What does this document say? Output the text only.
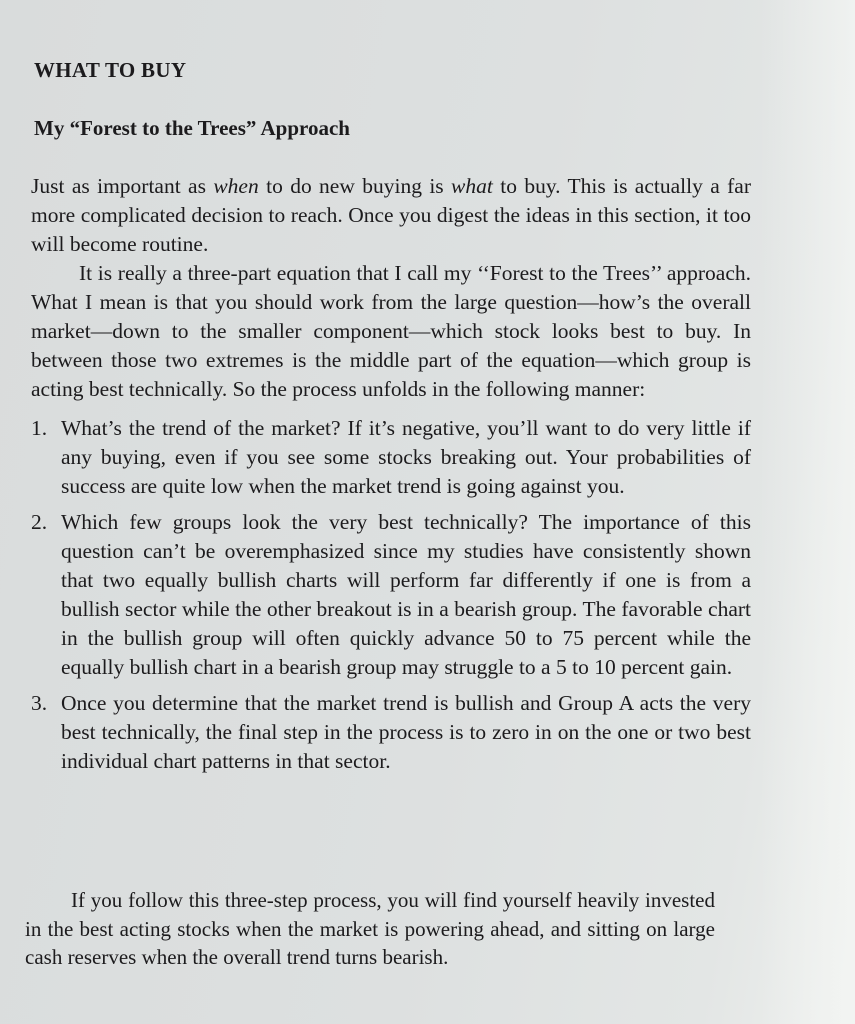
WHAT TO BUY
My “Forest to the Trees” Approach

Just as important as when to do new buying is what to buy. This is actually a far more complicated decision to reach. Once you digest the ideas in this section, it too will become routine.

It is really a three-part equation that I call my ‘‘Forest to the Trees’’ approach. What I mean is that you should work from the large question—how’s the overall market—down to the smaller component—which stock looks best to buy. In between those two extremes is the middle part of the equation—which group is acting best technically. So the process unfolds in the following manner:

1. What’s the trend of the market? If it’s negative, you’ll want to do very little if any buying, even if you see some stocks breaking out. Your probabilities of success are quite low when the market trend is going against you.
2. Which few groups look the very best technically? The importance of this question can’t be overemphasized since my studies have consistently shown that two equally bullish charts will perform far differently if one is from a bullish sector while the other breakout is in a bearish group. The favorable chart in the bullish group will often quickly advance 50 to 75 percent while the equally bullish chart in a bearish group may struggle to a 5 to 10 percent gain.
3. Once you determine that the market trend is bullish and Group A acts the very best technically, the final step in the process is to zero in on the one or two best individual chart patterns in that sector.

If you follow this three-step process, you will find yourself heavily invested in the best acting stocks when the market is powering ahead, and sitting on large cash reserves when the overall trend turns bearish.
